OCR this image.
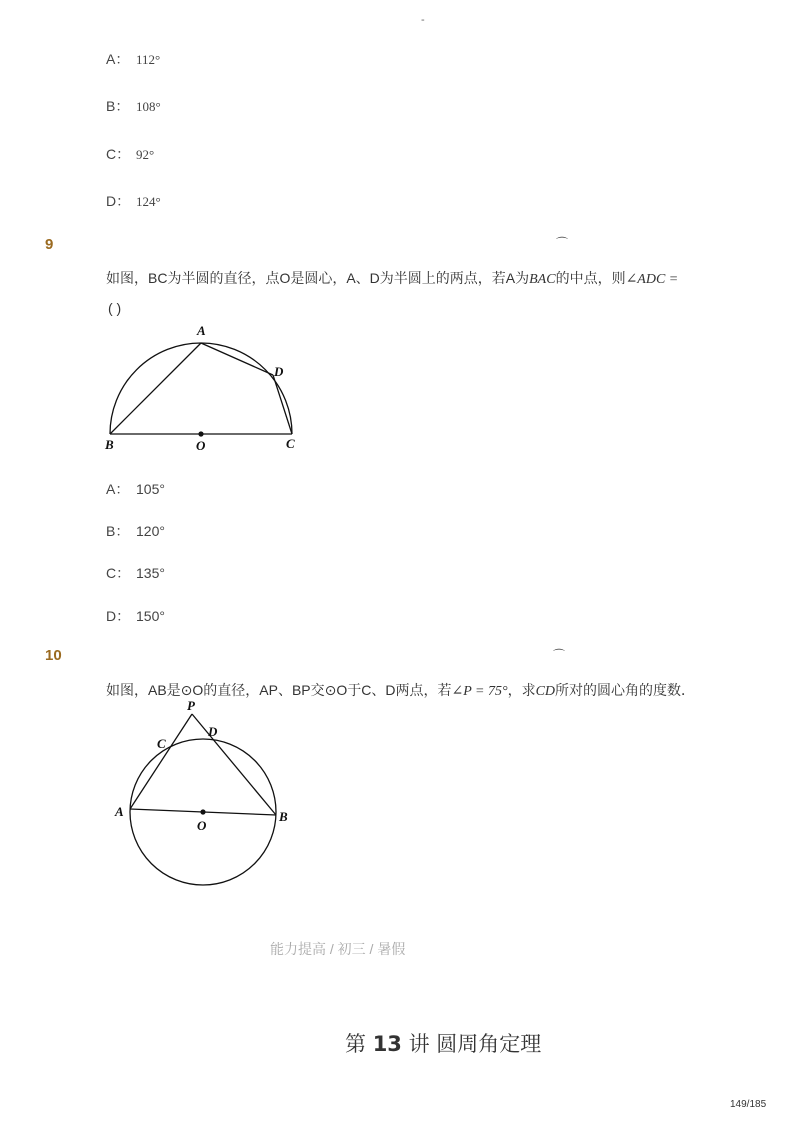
-
A： 112°
B： 108°
C： 92°
D： 124°
9	⌒
如图，BC为半圆的直径，点O是圆心，A、D为半圆上的两点，若A为BAC的中点，则∠ADC =
( )
A
B	C
D
O
A： 105°
B： 120°
C： 135°
D： 150°
10	⌒
如图，AB是⊙O的直径，AP、BP交⊙O于C、D两点，若∠P = 75°，求CD所对的圆心角的度数．
P
C
D
A	B
O
能力提高 / 初三 / 暑假
第 13 讲 圆周角定理
149/185
